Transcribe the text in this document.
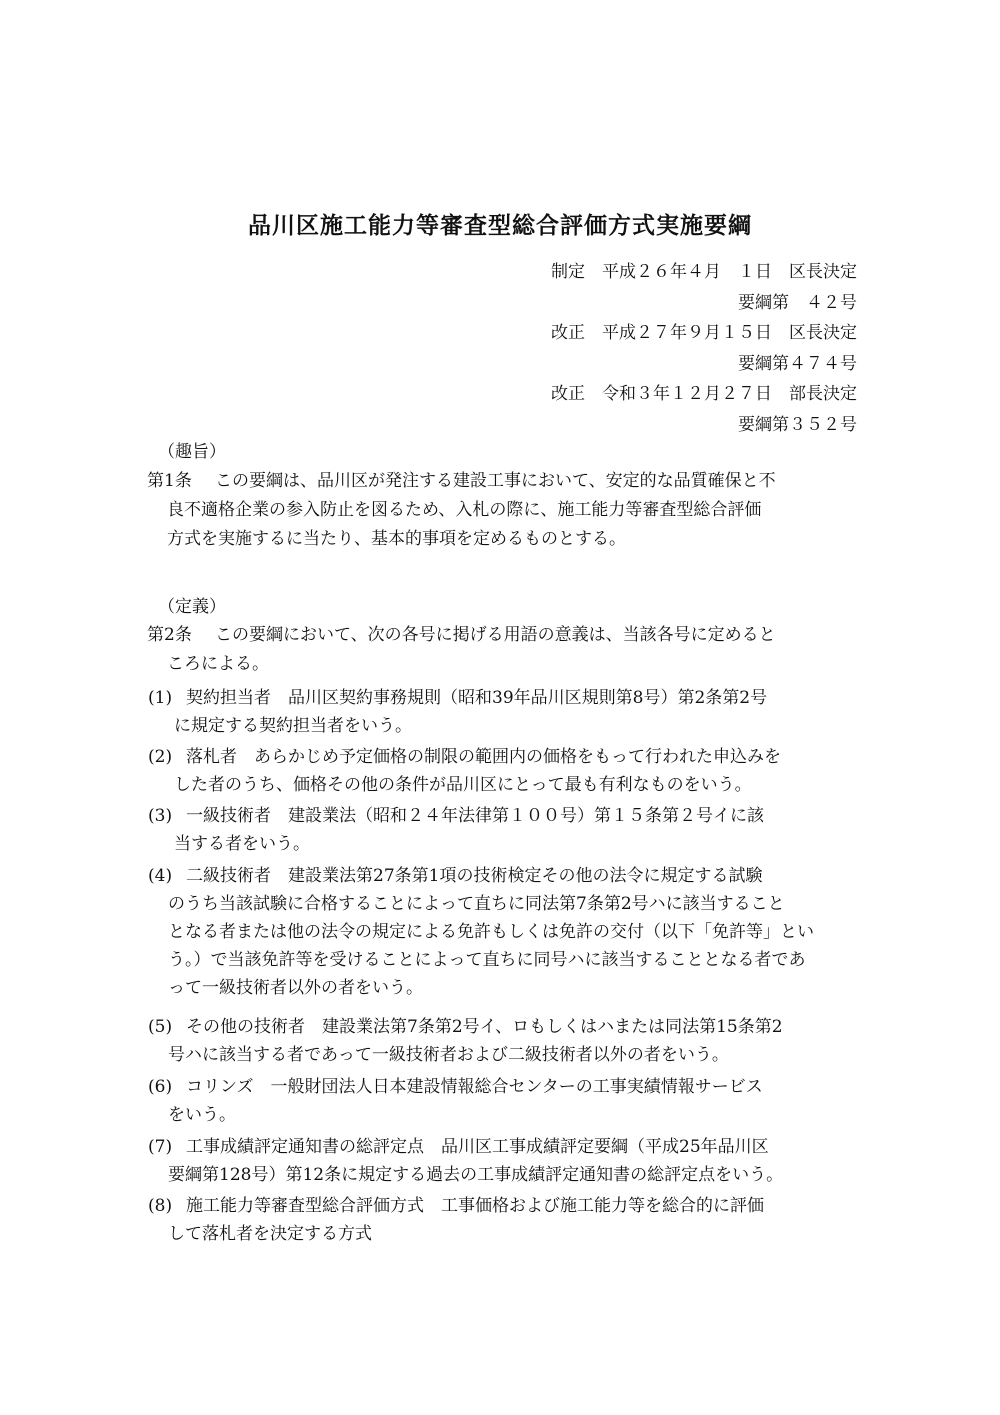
品川区施工能力等審査型総合評価方式実施要綱
制定　平成２６年４月　１日　区長決定
要綱第　４２号
改正　平成２７年９月１５日　区長決定
要綱第４７４号
改正　令和３年１２月２７日　部長決定
要綱第３５２号
（趣旨）
第1条 この要綱は、品川区が発注する建設工事において、安定的な品質確保と不
良不適格企業の参入防止を図るため、入札の際に、施工能力等審査型総合評価
方式を実施するに当たり、基本的事項を定めるものとする。
（定義）
第2条 この要綱において、次の各号に掲げる用語の意義は、当該各号に定めると
ころによる。
(1) 契約担当者　品川区契約事務規則（昭和39年品川区規則第8号）第2条第2号
に規定する契約担当者をいう。
(2) 落札者　あらかじめ予定価格の制限の範囲内の価格をもって行われた申込みを
した者のうち、価格その他の条件が品川区にとって最も有利なものをいう。
(3) 一級技術者　建設業法（昭和２４年法律第１００号）第１５条第２号イに該
当する者をいう。
(4) 二級技術者　建設業法第27条第1項の技術検定その他の法令に規定する試験
のうち当該試験に合格することによって直ちに同法第7条第2号ハに該当すること
となる者または他の法令の規定による免許もしくは免許の交付（以下「免許等」とい
う。）で当該免許等を受けることによって直ちに同号ハに該当することとなる者であ
って一級技術者以外の者をいう。
(5) その他の技術者　建設業法第7条第2号イ、ロもしくはハまたは同法第15条第2
号ハに該当する者であって一級技術者および二級技術者以外の者をいう。
(6) コリンズ　一般財団法人日本建設情報総合センターの工事実績情報サービス
をいう。
(7) 工事成績評定通知書の総評定点　品川区工事成績評定要綱（平成25年品川区
要綱第128号）第12条に規定する過去の工事成績評定通知書の総評定点をいう。
(8) 施工能力等審査型総合評価方式　工事価格および施工能力等を総合的に評価
して落札者を決定する方式
